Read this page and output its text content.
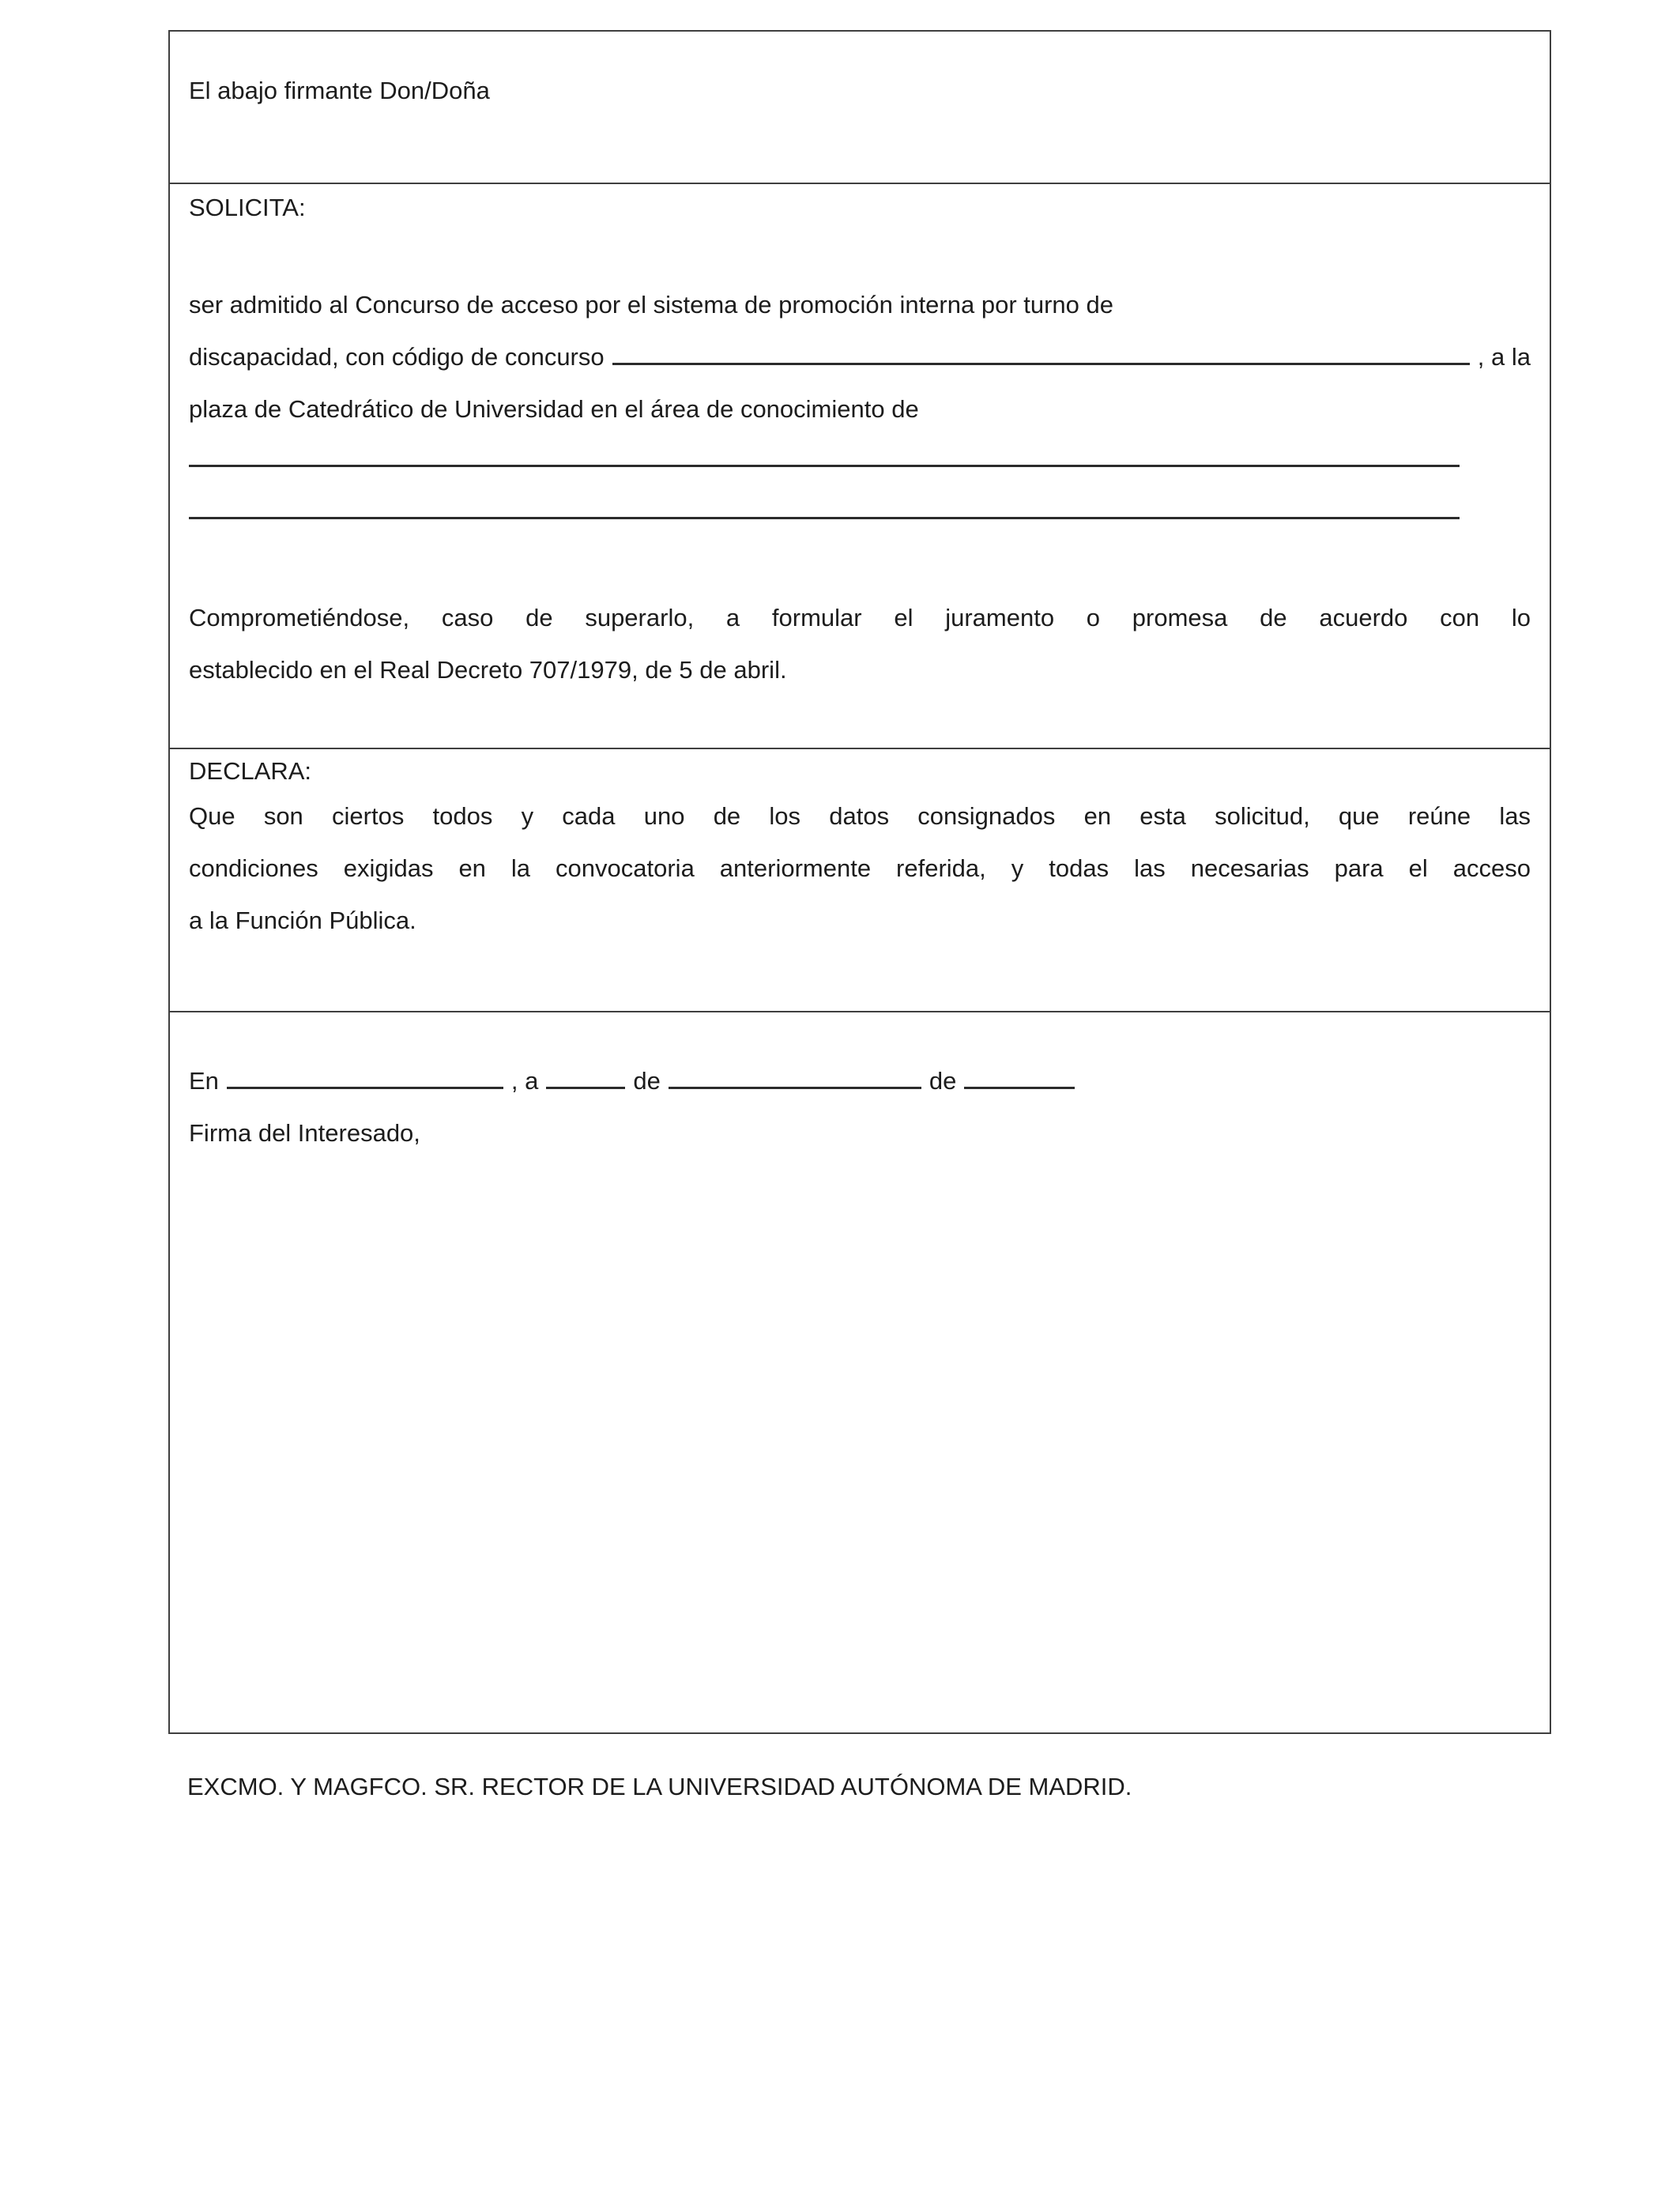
El abajo firmante Don/Doña

SOLICITA:

ser admitido al Concurso de acceso por el sistema de promoción interna por turno de

discapacidad, con código de concurso	, a la

plaza de Catedrático de Universidad en el área de conocimiento de

Comprometiéndose, caso de superarlo, a formular el juramento o promesa de acuerdo con lo

establecido en el Real Decreto 707/1979, de 5 de abril.

DECLARA:

Que son ciertos todos y cada uno de los datos consignados en esta solicitud, que reúne las

condiciones exigidas en la convocatoria anteriormente referida, y todas las necesarias para el acceso

a la Función Pública.

En	, a	de	de

Firma del Interesado,

EXCMO. Y MAGFCO. SR. RECTOR DE LA UNIVERSIDAD AUTÓNOMA DE MADRID.
